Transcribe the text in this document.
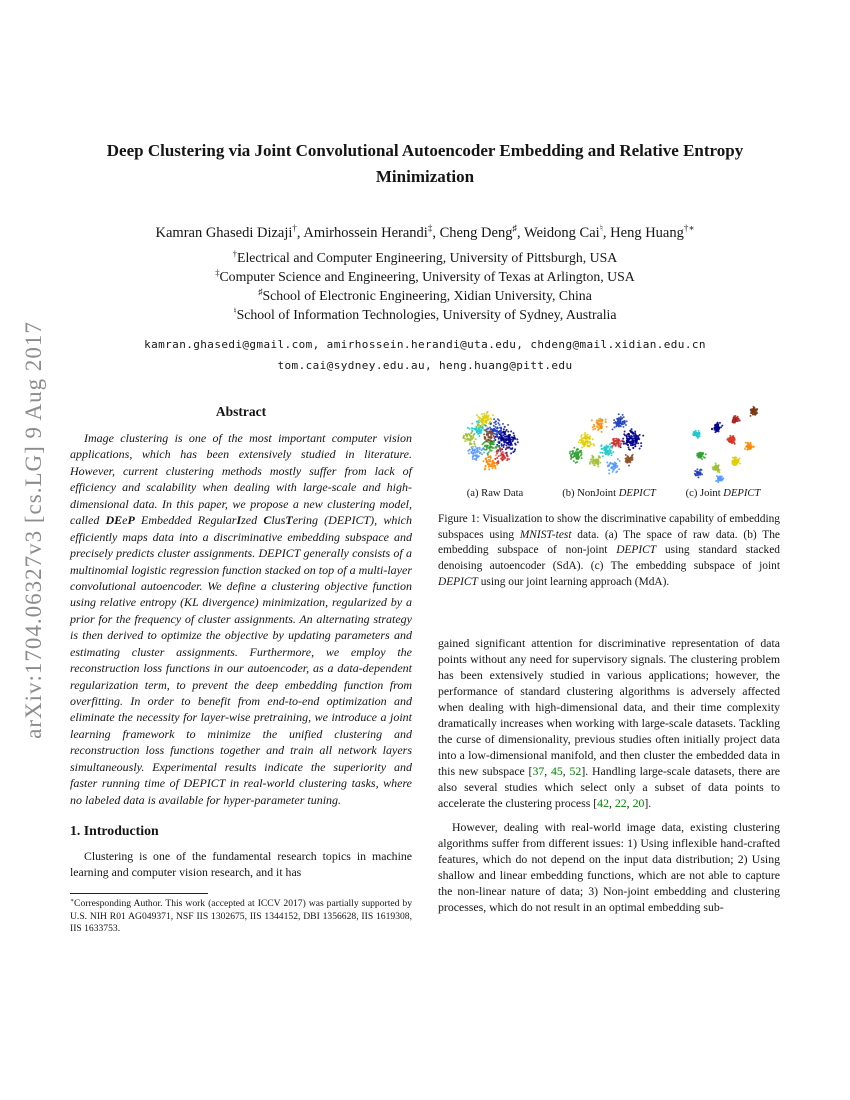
arXiv:1704.06327v3 [cs.LG] 9 Aug 2017
Deep Clustering via Joint Convolutional Autoencoder Embedding and Relative Entropy Minimization
Kamran Ghasedi Dizaji†, Amirhossein Herandi‡, Cheng Deng♯, Weidong Cai♮, Heng Huang†∗
†Electrical and Computer Engineering, University of Pittsburgh, USA
‡Computer Science and Engineering, University of Texas at Arlington, USA
♯School of Electronic Engineering, Xidian University, China
♮School of Information Technologies, University of Sydney, Australia
kamran.ghasedi@gmail.com, amirhossein.herandi@uta.edu, chdeng@mail.xidian.edu.cn
tom.cai@sydney.edu.au, heng.huang@pitt.edu
Abstract

Image clustering is one of the most important computer vision applications, which has been extensively studied in literature. However, current clustering methods mostly suffer from lack of efficiency and scalability when dealing with large-scale and high-dimensional data. In this paper, we propose a new clustering model, called DEeP Embedded RegularIzed ClusTering (DEPICT), which efficiently maps data into a discriminative embedding subspace and precisely predicts cluster assignments. DEPICT generally consists of a multinomial logistic regression function stacked on top of a multi-layer convolutional autoencoder. We define a clustering objective function using relative entropy (KL divergence) minimization, regularized by a prior for the frequency of cluster assignments. An alternating strategy is then derived to optimize the objective by updating parameters and estimating cluster assignments. Furthermore, we employ the reconstruction loss functions in our autoencoder, as a data-dependent regularization term, to prevent the deep embedding function from overfitting. In order to benefit from end-to-end optimization and eliminate the necessity for layer-wise pretraining, we introduce a joint learning framework to minimize the unified clustering and reconstruction loss functions together and train all network layers simultaneously. Experimental results indicate the superiority and faster running time of DEPICT in real-world clustering tasks, where no labeled data is available for hyper-parameter tuning.

1. Introduction

Clustering is one of the fundamental research topics in machine learning and computer vision research, and it has

∗Corresponding Author. This work (accepted at ICCV 2017) was partially supported by U.S. NIH R01 AG049371, NSF IIS 1302675, IIS 1344152, DBI 1356628, IIS 1619308, IIS 1633753.

(a) Raw Data	(b) NonJoint DEPICT	(c) Joint DEPICT

Figure 1: Visualization to show the discriminative capability of embedding subspaces using MNIST-test data. (a) The space of raw data. (b) The embedding subspace of non-joint DEPICT using standard stacked denoising autoencoder (SdA). (c) The embedding subspace of joint DEPICT using our joint learning approach (MdA).

gained significant attention for discriminative representation of data points without any need for supervisory signals. The clustering problem has been extensively studied in various applications; however, the performance of standard clustering algorithms is adversely affected when dealing with high-dimensional data, and their time complexity dramatically increases when working with large-scale datasets. Tackling the curse of dimensionality, previous studies often initially project data into a low-dimensional manifold, and then cluster the embedded data in this new subspace [37, 45, 52]. Handling large-scale datasets, there are also several studies which select only a subset of data points to accelerate the clustering process [42, 22, 20].

However, dealing with real-world image data, existing clustering algorithms suffer from different issues: 1) Using inflexible hand-crafted features, which do not depend on the input data distribution; 2) Using shallow and linear embedding functions, which are not able to capture the non-linear nature of data; 3) Non-joint embedding and clustering processes, which do not result in an optimal embedding sub-
